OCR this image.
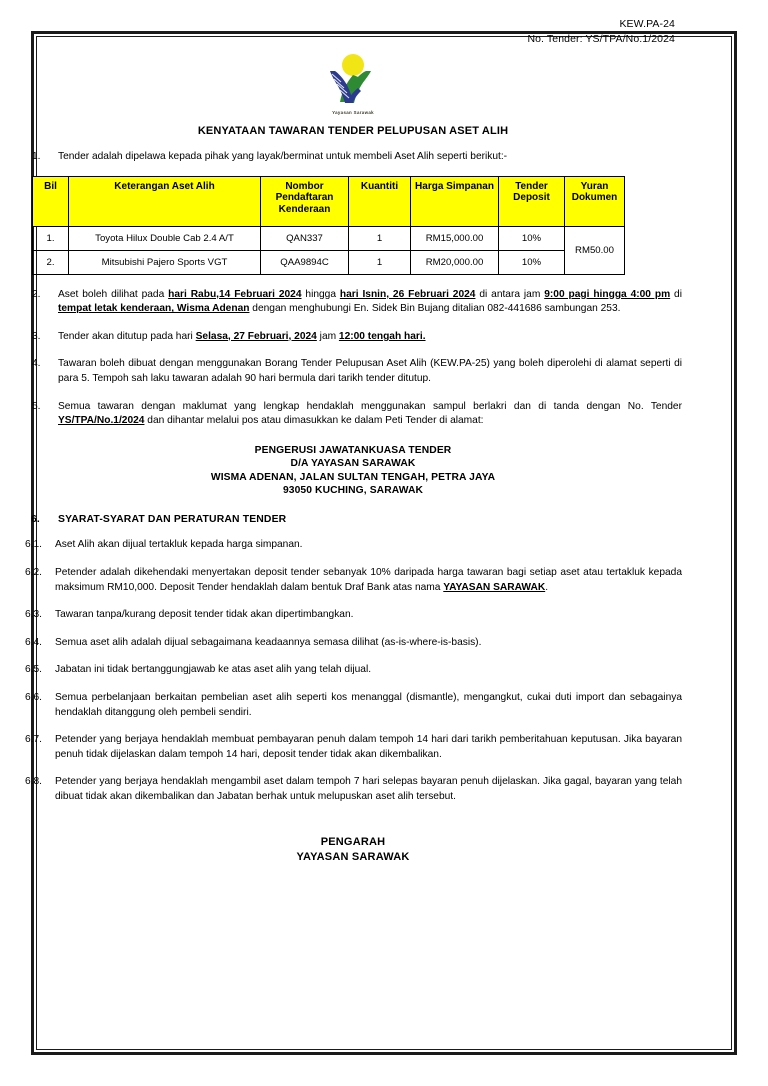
KEW.PA-24
No. Tender: YS/TPA/No.1/2024
Yayasan Sarawak
KENYATAAN TAWARAN TENDER PELUPUSAN ASET ALIH
1.	Tender adalah dipelawa kepada pihak yang layak/berminat untuk membeli Aset Alih seperti berikut:-
Bil	Keterangan Aset Alih	Nombor Pendaftaran Kenderaan	Kuantiti	Harga Simpanan	Tender Deposit	Yuran Dokumen
1.	Toyota Hilux Double Cab 2.4 A/T	QAN337	1	RM15,000.00	10%	RM50.00
2.	Mitsubishi Pajero Sports VGT	QAA9894C	1	RM20,000.00	10%	
2.	Aset boleh dilihat pada hari Rabu,14 Februari 2024 hingga hari Isnin, 26 Februari 2024 di antara jam 9:00 pagi hingga 4:00 pm di tempat letak kenderaan, Wisma Adenan dengan menghubungi En. Sidek Bin Bujang ditalian 082-441686 sambungan 253.
3.	Tender akan ditutup pada hari Selasa, 27 Februari, 2024 jam 12:00 tengah hari.
4.	Tawaran boleh dibuat dengan menggunakan Borang Tender Pelupusan Aset Alih (KEW.PA-25) yang boleh diperolehi di alamat seperti di para 5. Tempoh sah laku tawaran adalah 90 hari bermula dari tarikh tender ditutup.
5.	Semua tawaran dengan maklumat yang lengkap hendaklah menggunakan sampul berlakri dan di tanda dengan No. Tender YS/TPA/No.1/2024 dan dihantar melalui pos atau dimasukkan ke dalam Peti Tender di alamat:
PENGERUSI JAWATANKUASA TENDER
D/A YAYASAN SARAWAK
WISMA ADENAN, JALAN SULTAN TENGAH, PETRA JAYA
93050 KUCHING, SARAWAK
6.	SYARAT-SYARAT DAN PERATURAN TENDER
6.1.	Aset Alih akan dijual tertakluk kepada harga simpanan.
6.2.	Petender adalah dikehendaki menyertakan deposit tender sebanyak 10% daripada harga tawaran bagi setiap aset atau tertakluk kepada maksimum RM10,000. Deposit Tender hendaklah dalam bentuk Draf Bank atas nama YAYASAN SARAWAK.
6.3.	Tawaran tanpa/kurang deposit tender tidak akan dipertimbangkan.
6.4.	Semua aset alih adalah dijual sebagaimana keadaannya semasa dilihat (as-is-where-is-basis).
6.5.	Jabatan ini tidak bertanggungjawab ke atas aset alih yang telah dijual.
6.6.	Semua perbelanjaan berkaitan pembelian aset alih seperti kos menanggal (dismantle), mengangkut, cukai duti import dan sebagainya hendaklah ditanggung oleh pembeli sendiri.
6.7.	Petender yang berjaya hendaklah membuat pembayaran penuh dalam tempoh 14 hari dari tarikh pemberitahuan keputusan. Jika bayaran penuh tidak dijelaskan dalam tempoh 14 hari, deposit tender tidak akan dikembalikan.
6.8.	Petender yang berjaya hendaklah mengambil aset dalam tempoh 7 hari selepas bayaran penuh dijelaskan. Jika gagal, bayaran yang telah dibuat tidak akan dikembalikan dan Jabatan berhak untuk melupuskan aset alih tersebut.
PENGARAH
YAYASAN SARAWAK
